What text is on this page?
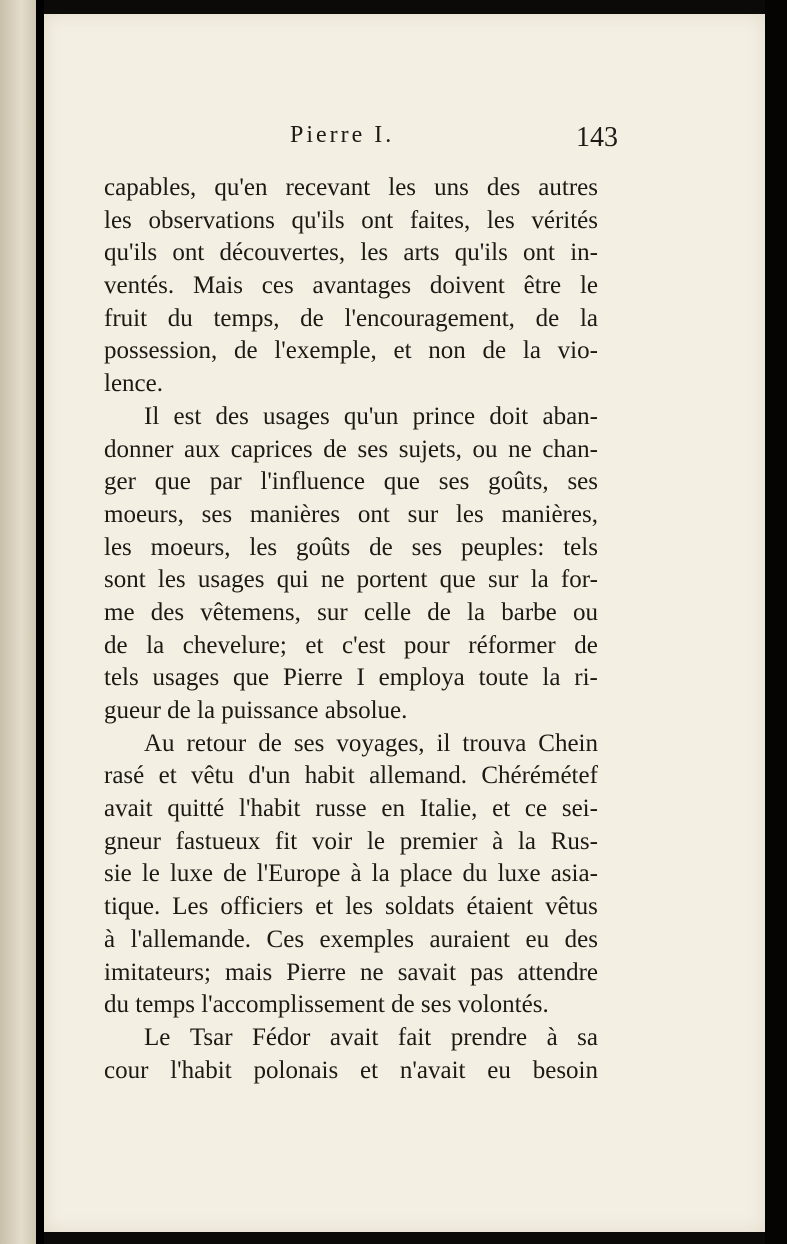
Pierre I.	143
capables, qu'en recevant les uns des autres
les observations qu'ils ont faites, les vérités
qu'ils ont découvertes, les arts qu'ils ont in-
ventés. Mais ces avantages doivent être le
fruit du temps, de l'encouragement, de la
possession, de l'exemple, et non de la vio-
lence.
Il est des usages qu'un prince doit aban-
donner aux caprices de ses sujets, ou ne chan-
ger que par l'influence que ses goûts, ses
moeurs, ses manières ont sur les manières,
les moeurs, les goûts de ses peuples: tels
sont les usages qui ne portent que sur la for-
me des vêtemens, sur celle de la barbe ou
de la chevelure; et c'est pour réformer de
tels usages que Pierre I employa toute la ri-
gueur de la puissance absolue.
Au retour de ses voyages, il trouva Chein
rasé et vêtu d'un habit allemand. Chérémétef
avait quitté l'habit russe en Italie, et ce sei-
gneur fastueux fit voir le premier à la Rus-
sie le luxe de l'Europe à la place du luxe asia-
tique. Les officiers et les soldats étaient vêtus
à l'allemande. Ces exemples auraient eu des
imitateurs; mais Pierre ne savait pas attendre
du temps l'accomplissement de ses volontés.
Le Tsar Fédor avait fait prendre à sa
cour l'habit polonais et n'avait eu besoin
